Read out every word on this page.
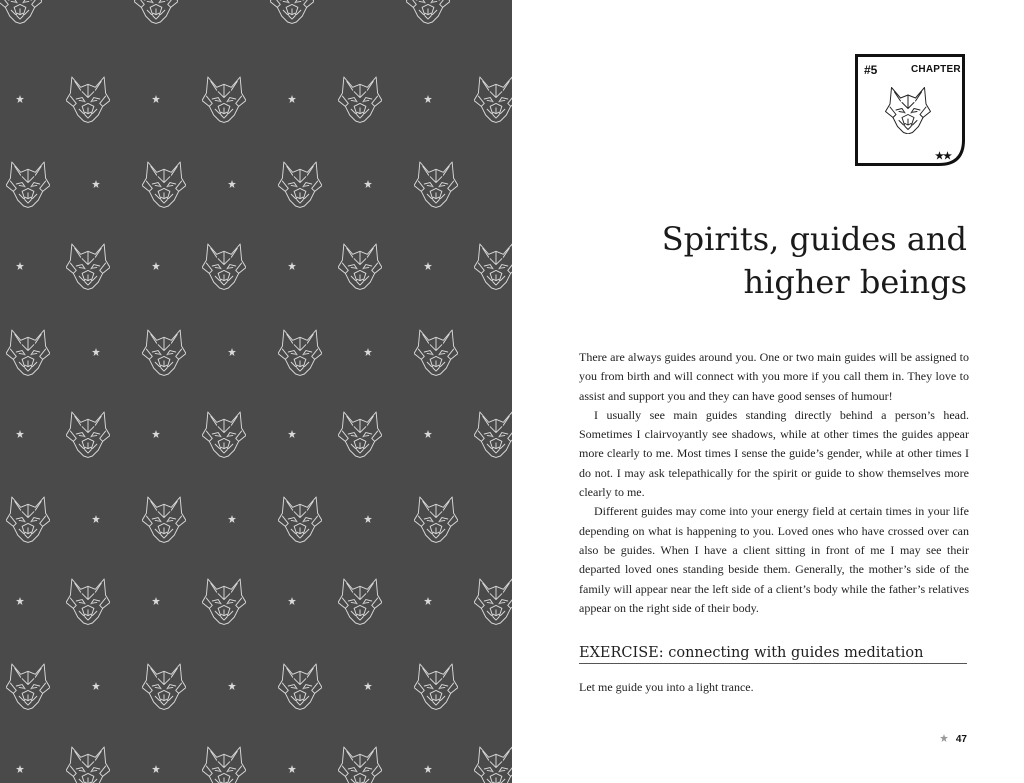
#5	CHAPTER
★★
Spirits, guides and
higher beings

There are always guides around you. One or two main guides will be assigned to you from birth and will connect with you more if you call them in. They love to assist and support you and they can have good senses of humour!

I usually see main guides standing directly behind a person’s head. Sometimes I clairvoyantly see shadows, while at other times the guides appear more clearly to me. Most times I sense the guide’s gender, while at other times I do not. I may ask telepathically for the spirit or guide to show themselves more clearly to me.

Different guides may come into your energy field at certain times in your life depending on what is happening to you. Loved ones who have crossed over can also be guides. When I have a client sitting in front of me I may see their departed loved ones standing beside them. Generally, the mother’s side of the family will appear near the left side of a client’s body while the father’s relatives appear on the right side of their body.

EXERCISE: connecting with guides meditation

Let me guide you into a light trance.

47
